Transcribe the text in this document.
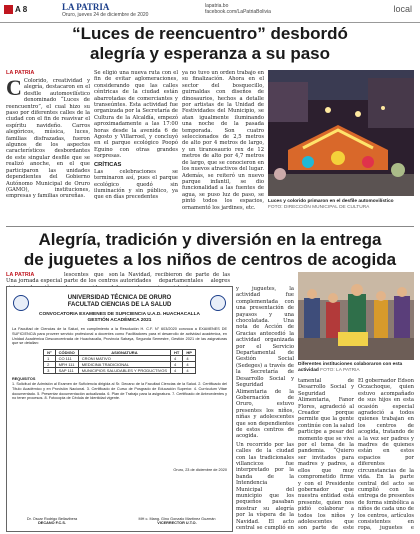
A 8	LA PATRIA
Oruro, jueves 24 de diciembre de 2020
lapatria.bo
facebook.com/LaPatriaBolivia	local
“Luces de reencuentro” desbordó
alegría y esperanza a su paso
LA PATRIA
C Colorido, creatividad y alegría, destacaron en el desfile automovilístico denominado “Luces de reencuentro”, el cual hizo su paso por diferentes calles de la ciudad con el fin de reavivar el espíritu navideño. Carros alegóricos, música, luces, familias disfrazadas, fueron algunos de los aspectos característicos desbordantes de este singular desfile que se realizó anoche, en el que participaron las unidades dependientes del Gobierno Autónomo Municipal de Oruro (GAMO), instituciones, empresas y familias orureñas.
Se eligió una nueva ruta con el fin de evitar aglomeraciones, considerando que las calles céntricas de la ciudad están abarrotadas de comerciantes y transeúntes. Esta actividad fue organizada por la Secretaría de Cultura de la Alcaldía, empezó aproximadamente a las 17:00 horas desde la avenida 6 de Agosto y Villarroel, y concluyó en el parque ecológico Poopó Eguino con otras grandes sorpresas.
CRÍTICAS
Las celebraciones se terminaron así, pues el parque ecológico quedó sin iluminación y sin público, ya que en días precedentes
ya no tuvo un orden trabajo en su finalización. Ahora en el sector del bosquecillo, guirnaldas con diseños de dinosaurios, hechos a detalle por artistas de la Unidad de Festividades del Municipio, se atan igualmente iluminando una noche de la pasada temporada. Son cuatro seleccionados de 2,5 metros de alto por 4 metros de largo, y un tiranosaurio rex de 12 metros de alto por 4,7 metros de largo, que se conocieron en los nuevos atractivos del lugar. Además, se reiteró un nuevo parque infantil, se dio funcionalidad a las fuentes de agua, se puso luz de paso, se pintó todos los espacios, ornamentó los jardines, etc.
Luces y colorido primaron en el desfile automovilístico
FOTO: DIRECCIÓN MUNICIPAL DE CULTURA
Alegría, tradición y diversión en la entrega
de juguetes a los niños de centros de acogida
LA PATRIA
Una jornada especial
lescentes que son parte de los centros
la Navidad, recibieron de parte de las autoridades departamentales alegres
UNIVERSIDAD TÉCNICA DE ORURO
FACULTAD CIENCIAS DE LA SALUD
CONVOCATORIA EXAMENES DE SUFICIENCIA U.A.D. HUACHACALLA
GESTIÓN ACADÉMICA 2021
La Facultad de Ciencias de la Salud, en cumplimiento a la Resolución H. C.F. N° 603/2020 convoca a EXAMENES DE SUFICIENCIA para proveer servicio profesional a docentes como Facilitadores para el desarrollo de actividad académica, en Unidad Académica Desconcentrada de Huachacalla, Provincia Sabaya, Segunda Semestre, Gestión 2021 de las asignaturas que se detallan:
N°	CÓDIGO	ASIGNATURA	HT	HP
1	CO 111	CRONI MATIVO	4	4
2	MFH 111	MEDICINA TRADICIONAL	4	4
3	SAP 111	MUNICIPIOS SALUDABLES Y PRODUCTIVOS	4	4
REQUISITOS
1. Solicitud de Admisión al Examen de Suficiencia dirigida al Sr. Decano de la Facultad Ciencias de la Salud. 2. Certificado del Título Académico y en Provisión Nacional. 3. Certificado de Curso de Posgrado de Educación Superior. 4. Curriculum Vitae documentado. 5. Presentar documentación actualizada. 6. Plan de Trabajo para la asignatura. 7. Certificado de Antecedentes y no tener procesos. 8. Fotocopia de Cédula de Identidad vigente.
Oruro, 23 de diciembre de 2020
Dr. Oscar Rodrigo Bellavibera
DECANO F.C.S.
MH c. Mang. Gino Gonzalo Martínez Guzmán
VICERRECTOR U.T.O.
y juguetes, la actividad fue complementada con una presentación de payasos y una chocolatada. Una nota de Acción de Gracias antecedió la actividad organizada por el Servicio Departamental de Gestión Social (Sedeges) a través de la Secretaría de Desarrollo Social y Seguridad Alimentaria de la Gobernación de Oruro, estuvo presentes los niños, niñas y adolescentes que son dependientes de estos centros de acogida.
Un recorrido por las calles de la ciudad con las tradicionales villancicos fue interpretado por la banda de la Intendencia Municipal del municipio que los pequeños pasaban mostrar su alegría por la víspera de la Navidad. El acto central se cumplió en
Diferentes instituciones colaboraron con esta actividad FOTO: LA PATRIA
tamental de Desarrollo Social y Seguridad Alimentaria, Fanor Flores, agradeció al Creador porque permite que la gente continúe con la salud participe a pesar del momento que se vive por el tema de la pandemia. “Quiero ser invitados para madres y padres, a ellos que muy comprometido firme y con el Presidente gobernador que nuestra entidad está presente, quien nos pidió colaborar a todos los niños y adolescentes que son parte de este
El gobernador Edson Oczachoque, quien estuvo acompañado de sus hijos en esta ocasión especial agradeció a todos quienes trabajan en los centros de acogida, tratando de a la vez ser padres y madres de quienes están en estos espacios por diferentes circunstancias de la vida. En la parte central del acto se cumplió con la entrega de presentes de forma simbólica a niños de cada uno de los centros, artículos consistentes en ropa, juguetes e
